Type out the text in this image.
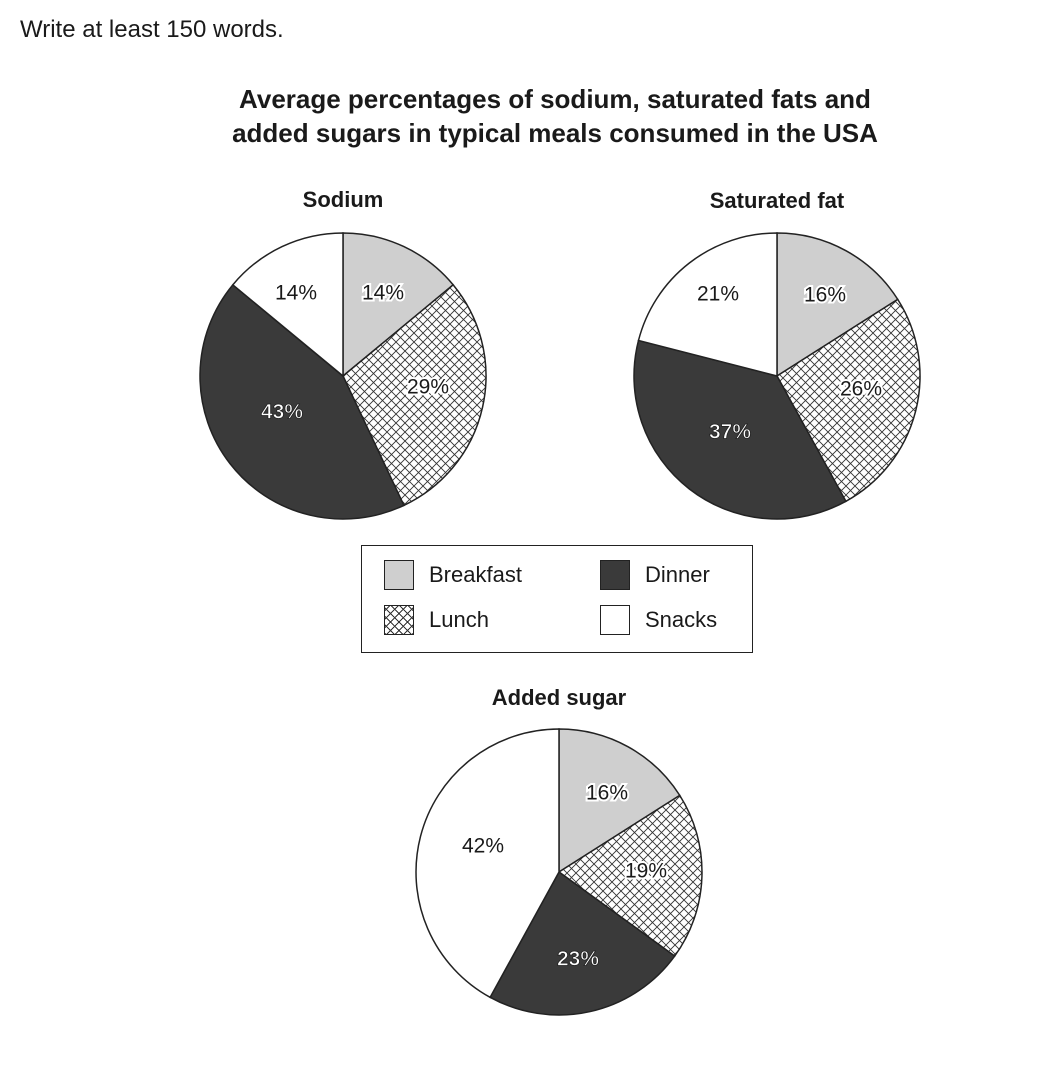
Write at least 150 words.

Average percentages of sodium, saturated fats and
added sugars in typical meals consumed in the USA
Sodium
14%
29%
43%
14%
Saturated fat
16%
26%
37%
21%
Added sugar
16%
19%
23%
42%
Breakfast	Dinner
Lunch	Snacks
